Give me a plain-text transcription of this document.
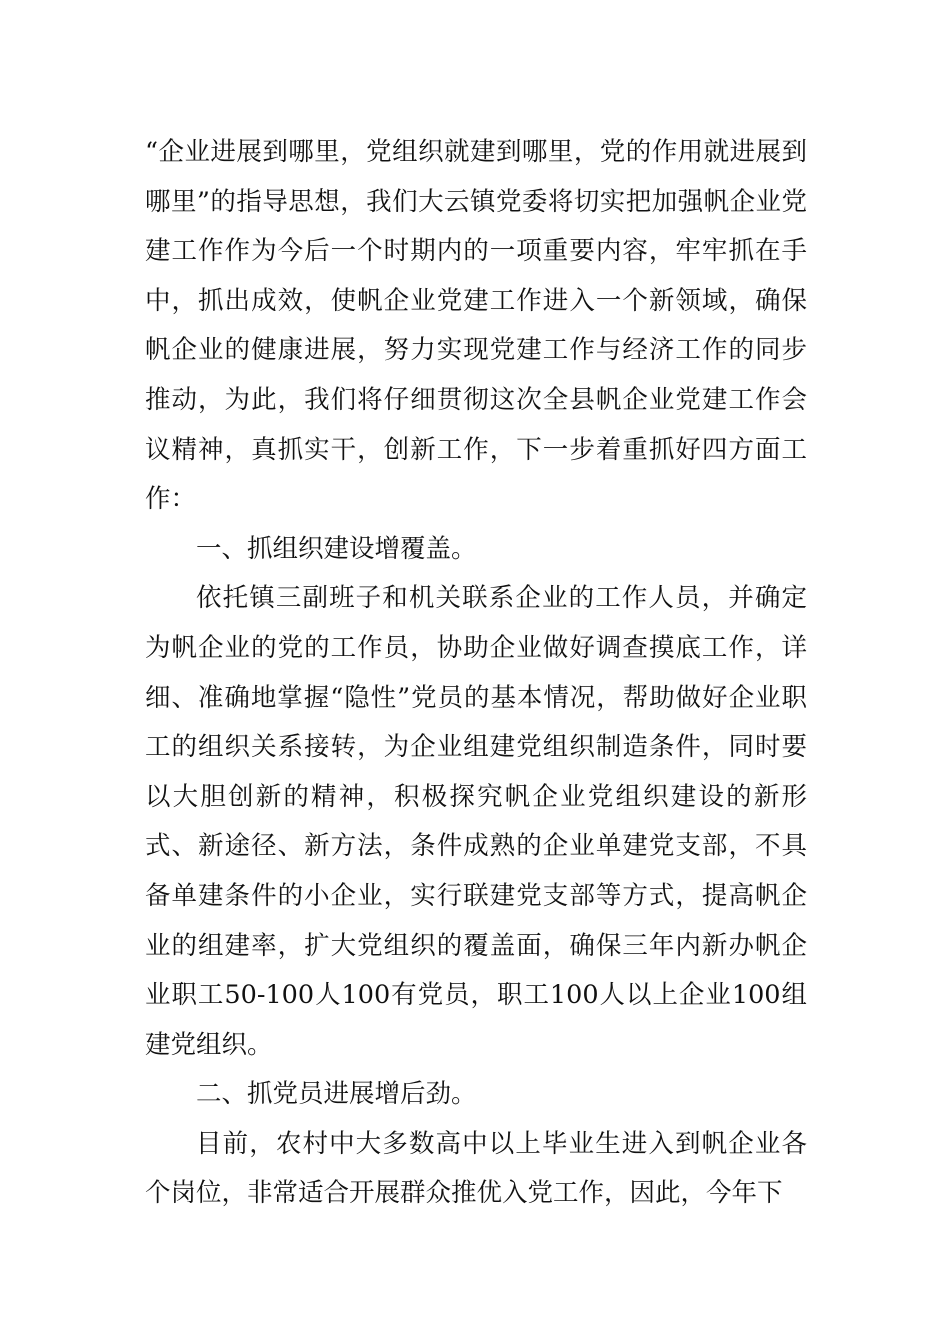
“企业进展到哪里，党组织就建到哪里，党的作用就进展到哪里”的指导思想，我们大云镇党委将切实把加强帆企业党建工作作为今后一个时期内的一项重要内容，牢牢抓在手中，抓出成效，使帆企业党建工作进入一个新领域，确保帆企业的健康进展，努力实现党建工作与经济工作的同步推动，为此，我们将仔细贯彻这次全县帆企业党建工作会议精神，真抓实干，创新工作，下一步着重抓好四方面工作：

一、抓组织建设增覆盖。

依托镇三副班子和机关联系企业的工作人员，并确定为帆企业的党的工作员，协助企业做好调查摸底工作，详细、准确地掌握“隐性”党员的基本情况，帮助做好企业职工的组织关系接转，为企业组建党组织制造条件，同时要以大胆创新的精神，积极探究帆企业党组织建设的新形式、新途径、新方法，条件成熟的企业单建党支部，不具备单建条件的小企业，实行联建党支部等方式，提高帆企业的组建率，扩大党组织的覆盖面，确保三年内新办帆企业职工50-100人100有党员，职工100人以上企业100组建党组织。

二、抓党员进展增后劲。

目前，农村中大多数高中以上毕业生进入到帆企业各个岗位，非常适合开展群众推优入党工作，因此，今年下
